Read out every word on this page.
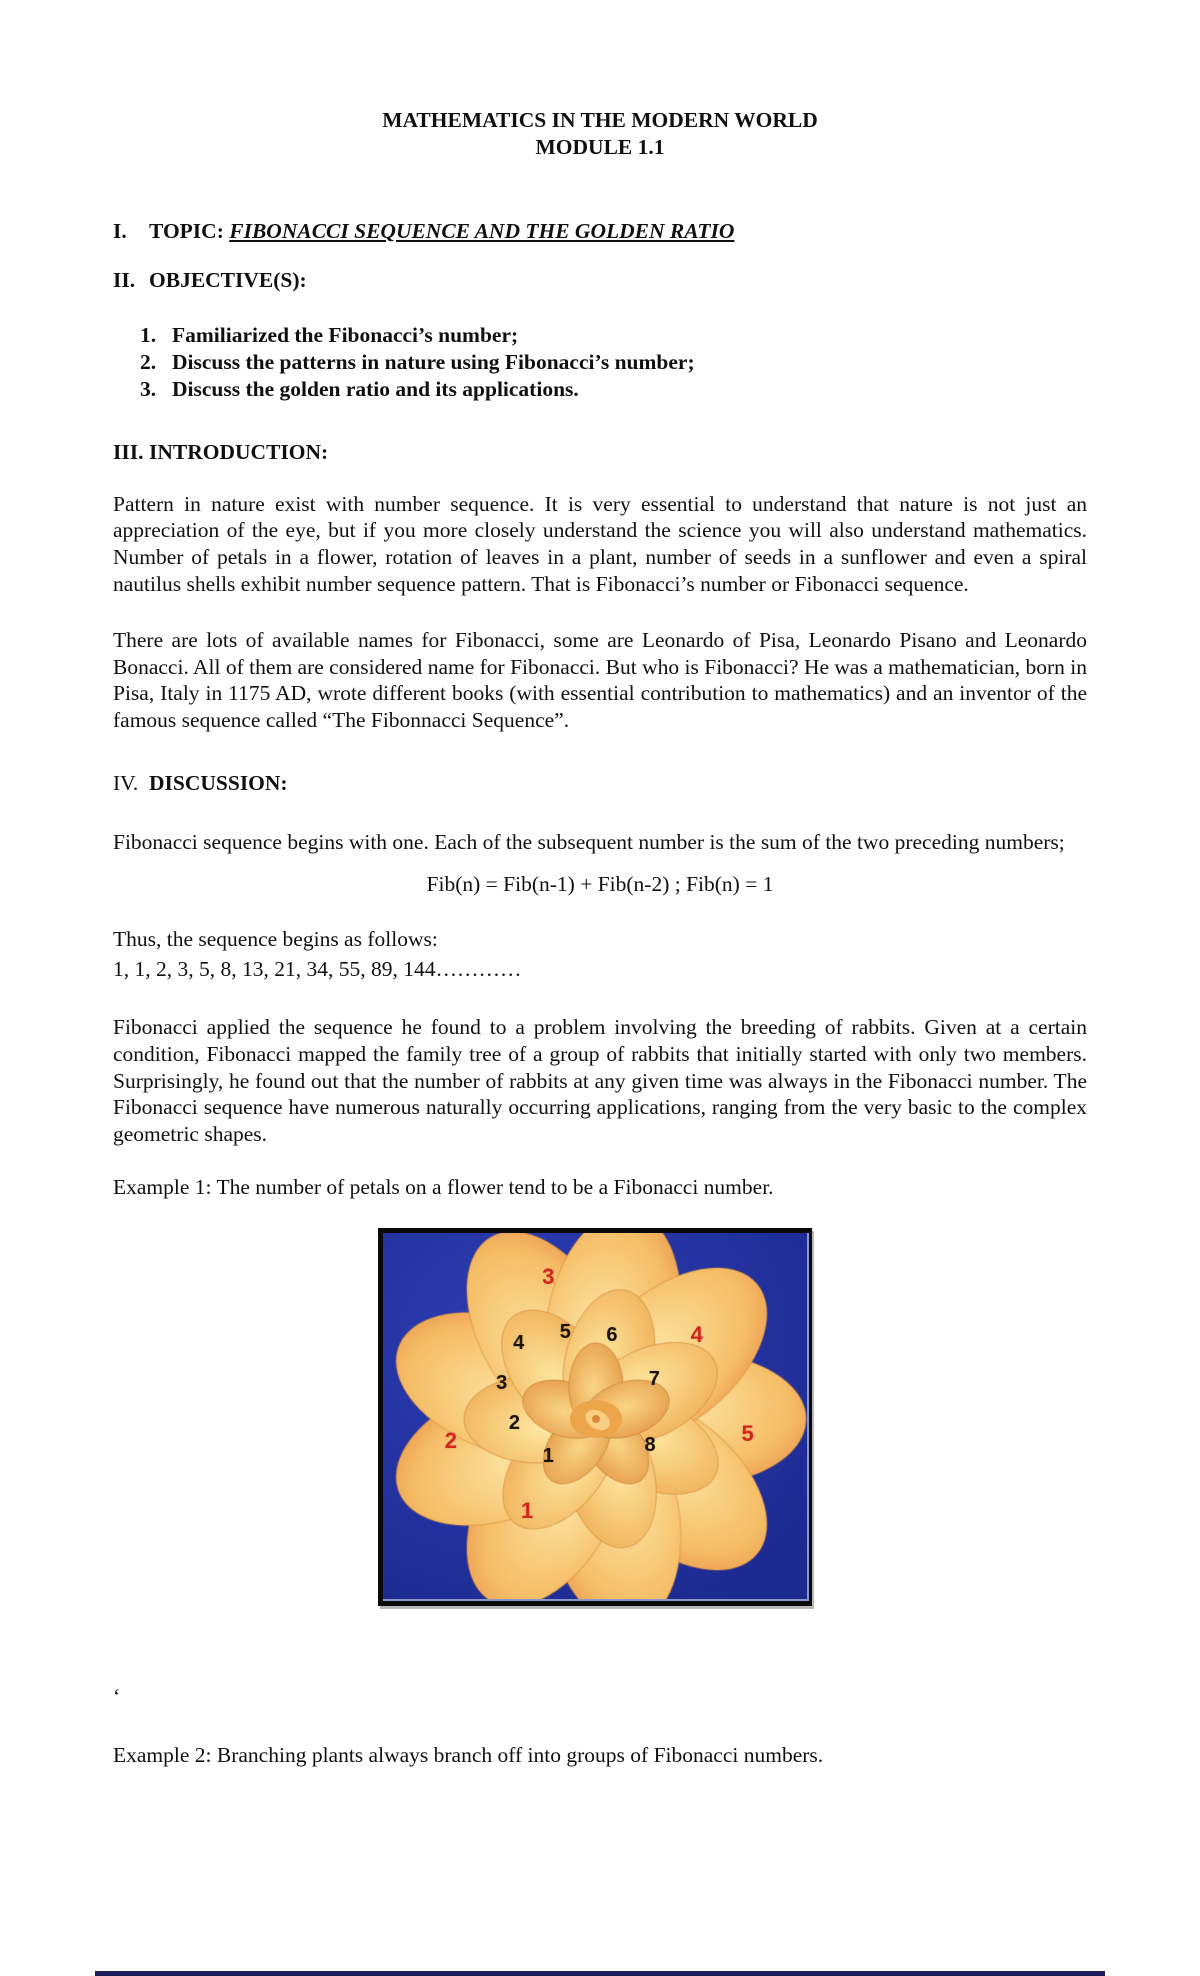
MATHEMATICS IN THE MODERN WORLD
MODULE 1.1
I. TOPIC: FIBONACCI SEQUENCE AND THE GOLDEN RATIO
II. OBJECTIVE(S):
1. Familiarized the Fibonacci’s number;
2. Discuss the patterns in nature using Fibonacci’s number;
3. Discuss the golden ratio and its applications.
III. INTRODUCTION:
Pattern in nature exist with number sequence. It is very essential to understand that nature is not just an appreciation of the eye, but if you more closely understand the science you will also understand mathematics. Number of petals in a flower, rotation of leaves in a plant, number of seeds in a sunflower and even a spiral nautilus shells exhibit number sequence pattern. That is Fibonacci’s number or Fibonacci sequence.
There are lots of available names for Fibonacci, some are Leonardo of Pisa, Leonardo Pisano and Leonardo Bonacci. All of them are considered name for Fibonacci. But who is Fibonacci? He was a mathematician, born in Pisa, Italy in 1175 AD, wrote different books (with essential contribution to mathematics) and an inventor of the famous sequence called “The Fibonnacci Sequence”.
IV. DISCUSSION:
Fibonacci sequence begins with one. Each of the subsequent number is the sum of the two preceding numbers;
Fib(n) = Fib(n-1) + Fib(n-2) ; Fib(n) = 1
Thus, the sequence begins as follows:
1, 1, 2, 3, 5, 8, 13, 21, 34, 55, 89, 144…………
Fibonacci applied the sequence he found to a problem involving the breeding of rabbits. Given at a certain condition, Fibonacci mapped the family tree of a group of rabbits that initially started with only two members. Surprisingly, he found out that the number of rabbits at any given time was always in the Fibonacci number. The Fibonacci sequence have numerous naturally occurring applications, ranging from the very basic to the complex geometric shapes.
Example 1: The number of petals on a flower tend to be a Fibonacci number.
3
4 5 6	4
3	7
2
2	8	5
1
1
‘
Example 2: Branching plants always branch off into groups of Fibonacci numbers.
